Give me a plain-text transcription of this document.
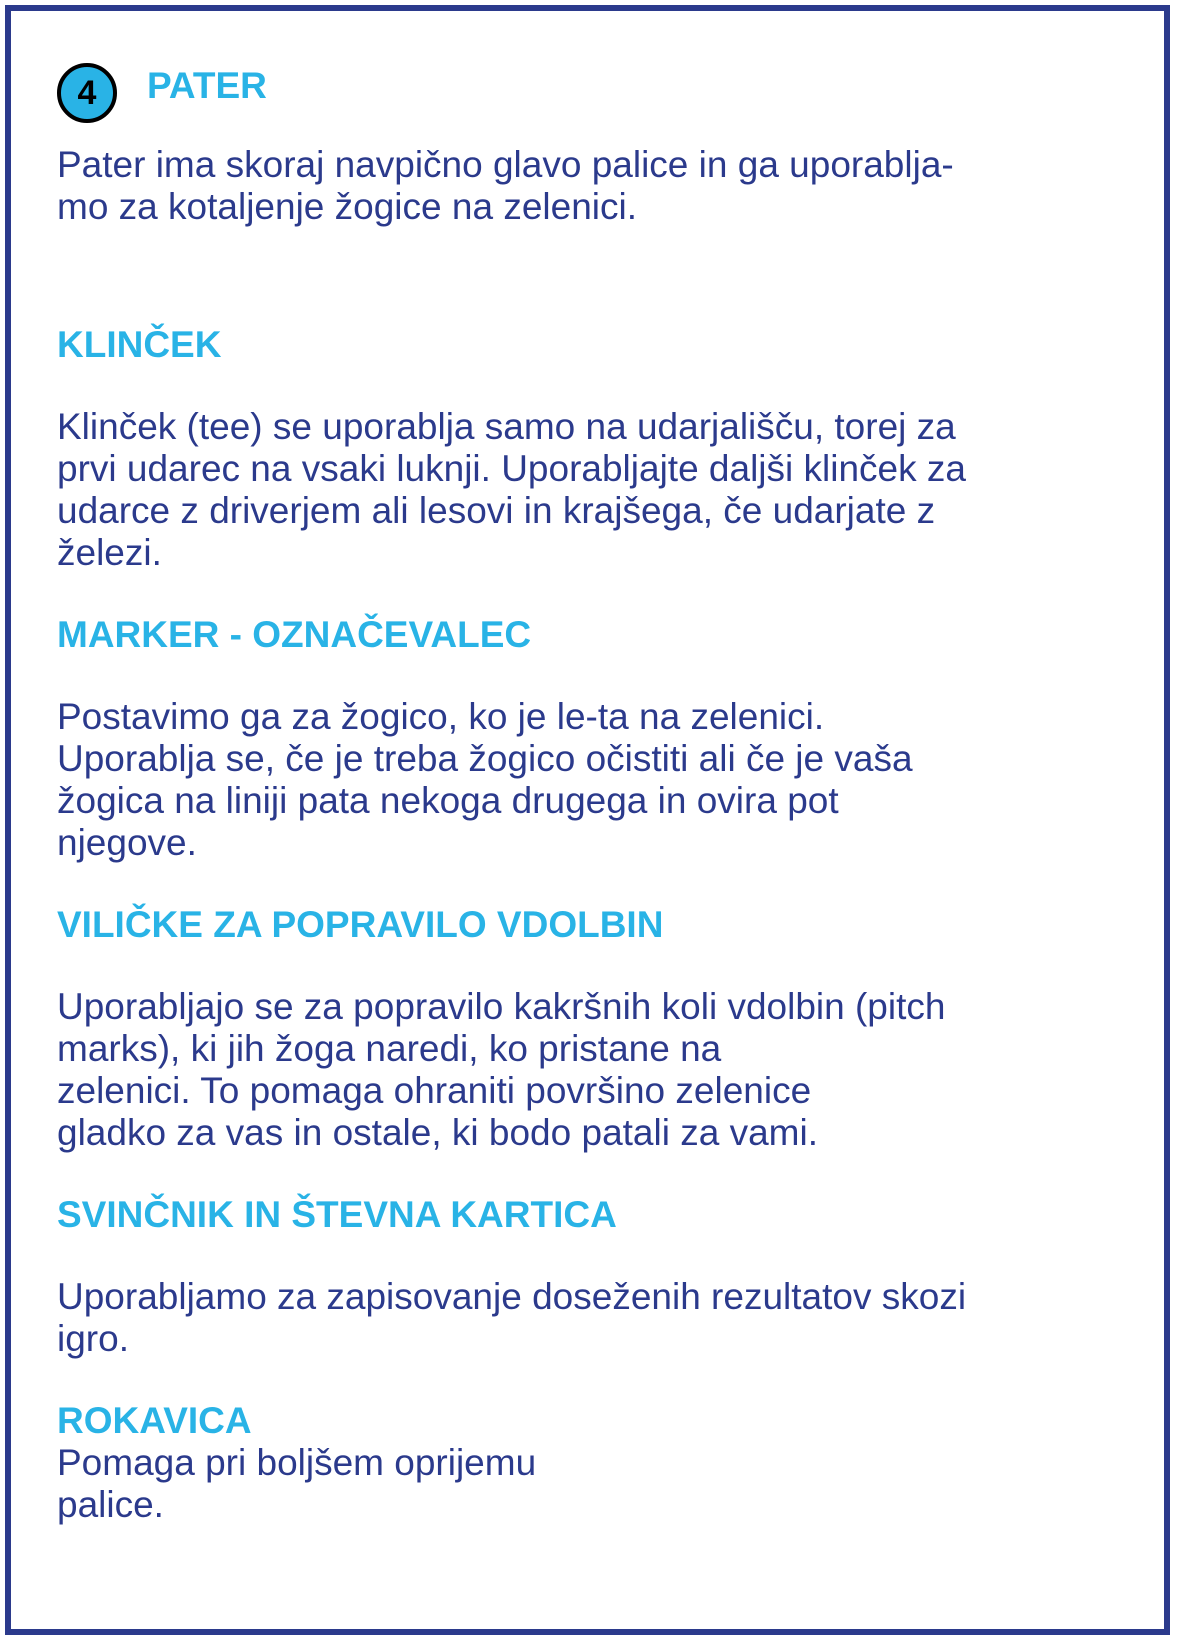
4	PATER

Pater ima skoraj navpično glavo palice in ga uporablja-
mo za kotaljenje žogice na zelenici.

KLINČEK

Klinček (tee) se uporablja samo na udarjališču, torej za
prvi udarec na vsaki luknji. Uporabljajte daljši klinček za
udarce z driverjem ali lesovi in krajšega, če udarjate z
železi.

MARKER - OZNAČEVALEC

Postavimo ga za žogico, ko je le-ta na zelenici.
Uporablja se, če je treba žogico očistiti ali če je vaša
žogica na liniji pata nekoga drugega in ovira pot
njegove.

VILIČKE ZA POPRAVILO VDOLBIN

Uporabljajo se za popravilo kakršnih koli vdolbin (pitch
marks), ki jih žoga naredi, ko pristane na
zelenici. To pomaga ohraniti površino zelenice
gladko za vas in ostale, ki bodo patali za vami.

SVINČNIK IN ŠTEVNA KARTICA

Uporabljamo za zapisovanje doseženih rezultatov skozi
igro.

ROKAVICA

Pomaga pri boljšem oprijemu
palice.
